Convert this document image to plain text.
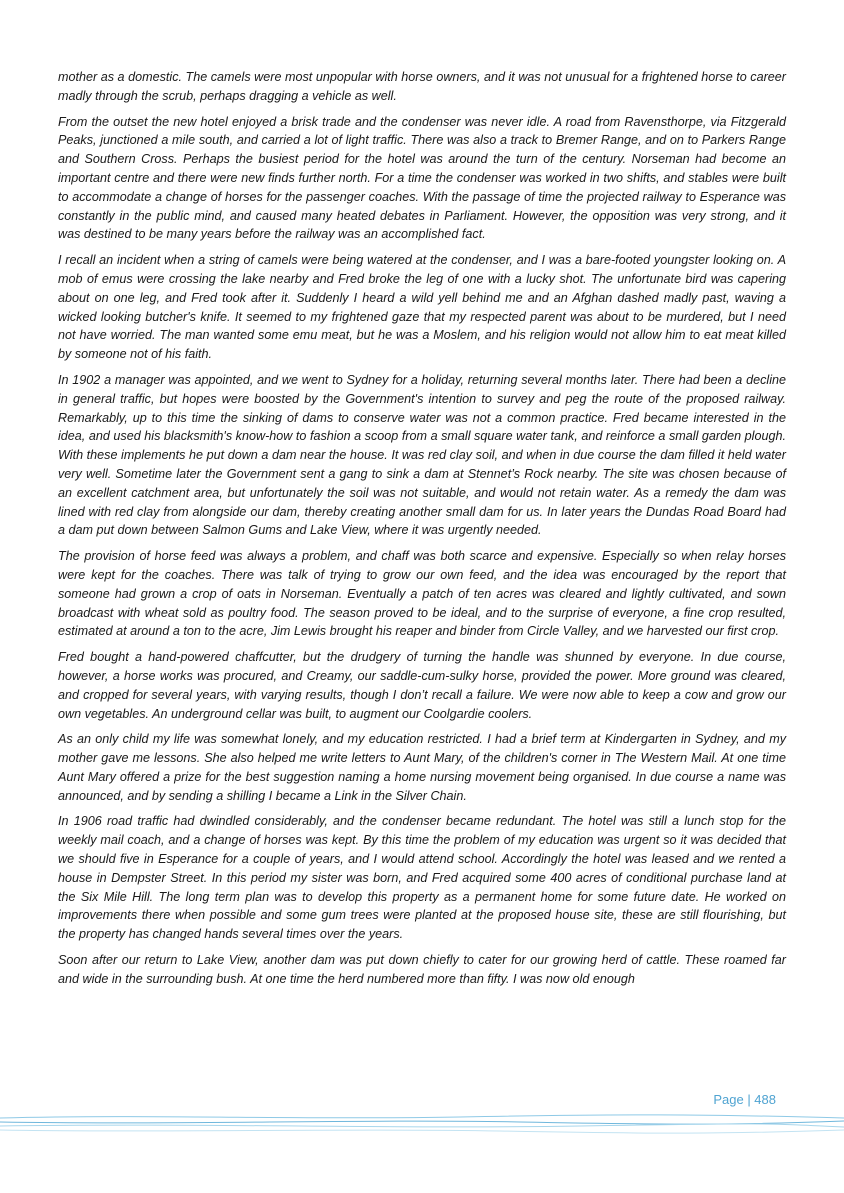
mother as a domestic. The camels were most unpopular with horse owners, and it was not unusual for a frightened horse to career madly through the scrub, perhaps dragging a vehicle as well.

From the outset the new hotel enjoyed a brisk trade and the condenser was never idle. A road from Ravensthorpe, via Fitzgerald Peaks, junctioned a mile south, and carried a lot of light traffic. There was also a track to Bremer Range, and on to Parkers Range and Southern Cross. Perhaps the busiest period for the hotel was around the turn of the century. Norseman had become an important centre and there were new finds further north. For a time the condenser was worked in two shifts, and stables were built to accommodate a change of horses for the passenger coaches. With the passage of time the projected railway to Esperance was constantly in the public mind, and caused many heated debates in Parliament. However, the opposition was very strong, and it was destined to be many years before the railway was an accomplished fact.

I recall an incident when a string of camels were being watered at the condenser, and I was a bare-footed youngster looking on. A mob of emus were crossing the lake nearby and Fred broke the leg of one with a lucky shot. The unfortunate bird was capering about on one leg, and Fred took after it. Suddenly I heard a wild yell behind me and an Afghan dashed madly past, waving a wicked looking butcher's knife. It seemed to my frightened gaze that my respected parent was about to be murdered, but I need not have worried. The man wanted some emu meat, but he was a Moslem, and his religion would not allow him to eat meat killed by someone not of his faith.

In 1902 a manager was appointed, and we went to Sydney for a holiday, returning several months later. There had been a decline in general traffic, but hopes were boosted by the Government's intention to survey and peg the route of the proposed railway. Remarkably, up to this time the sinking of dams to conserve water was not a common practice. Fred became interested in the idea, and used his blacksmith's know-how to fashion a scoop from a small square water tank, and reinforce a small garden plough. With these implements he put down a dam near the house. It was red clay soil, and when in due course the dam filled it held water very well. Sometime later the Government sent a gang to sink a dam at Stennet’s Rock nearby. The site was chosen because of an excellent catchment area, but unfortunately the soil was not suitable, and would not retain water. As a remedy the dam was lined with red clay from alongside our dam, thereby creating another small dam for us. In later years the Dundas Road Board had a dam put down between Salmon Gums and Lake View, where it was urgently needed.

The provision of horse feed was always a problem, and chaff was both scarce and expensive. Especially so when relay horses were kept for the coaches. There was talk of trying to grow our own feed, and the idea was encouraged by the report that someone had grown a crop of oats in Norseman. Eventually a patch of ten acres was cleared and lightly cultivated, and sown broadcast with wheat sold as poultry food. The season proved to be ideal, and to the surprise of everyone, a fine crop resulted, estimated at around a ton to the acre, Jim Lewis brought his reaper and binder from Circle Valley, and we harvested our first crop.

Fred bought a hand-powered chaffcutter, but the drudgery of turning the handle was shunned by everyone. In due course, however, a horse works was procured, and Creamy, our saddle-cum-sulky horse, provided the power. More ground was cleared, and cropped for several years, with varying results, though I don’t recall a failure. We were now able to keep a cow and grow our own vegetables. An underground cellar was built, to augment our Coolgardie coolers.

As an only child my life was somewhat lonely, and my education restricted. I had a brief term at Kindergarten in Sydney, and my mother gave me lessons. She also helped me write letters to Aunt Mary, of the children's corner in The Western Mail. At one time Aunt Mary offered a prize for the best suggestion naming a home nursing movement being organised. In due course a name was announced, and by sending a shilling I became a Link in the Silver Chain.

In 1906 road traffic had dwindled considerably, and the condenser became redundant. The hotel was still a lunch stop for the weekly mail coach, and a change of horses was kept. By this time the problem of my education was urgent so it was decided that we should five in Esperance for a couple of years, and I would attend school. Accordingly the hotel was leased and we rented a house in Dempster Street. In this period my sister was born, and Fred acquired some 400 acres of conditional purchase land at the Six Mile Hill. The long term plan was to develop this property as a permanent home for some future date. He worked on improvements there when possible and some gum trees were planted at the proposed house site, these are still flourishing, but the property has changed hands several times over the years.

Soon after our return to Lake View, another dam was put down chiefly to cater for our growing herd of cattle. These roamed far and wide in the surrounding bush. At one time the herd numbered more than fifty. I was now old enough

Page | 488
